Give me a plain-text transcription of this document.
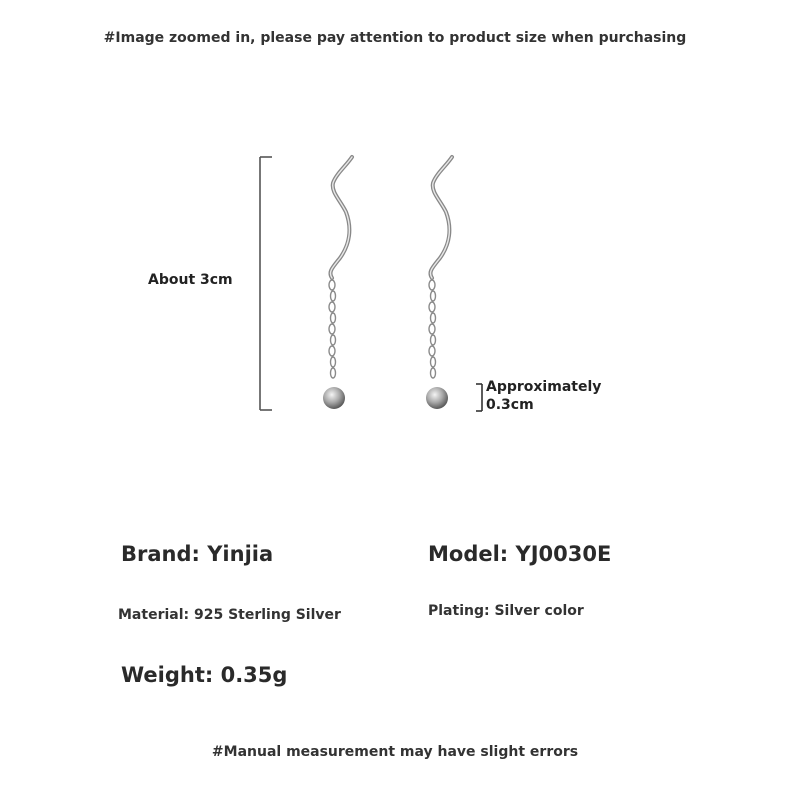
#Image zoomed in, please pay attention to product size when purchasing
About 3cm
Approximately
0.3cm
Brand: Yinjia	Model: YJ0030E
Material: 925 Sterling Silver	Plating: Silver color
Weight: 0.35g
#Manual measurement may have slight errors
